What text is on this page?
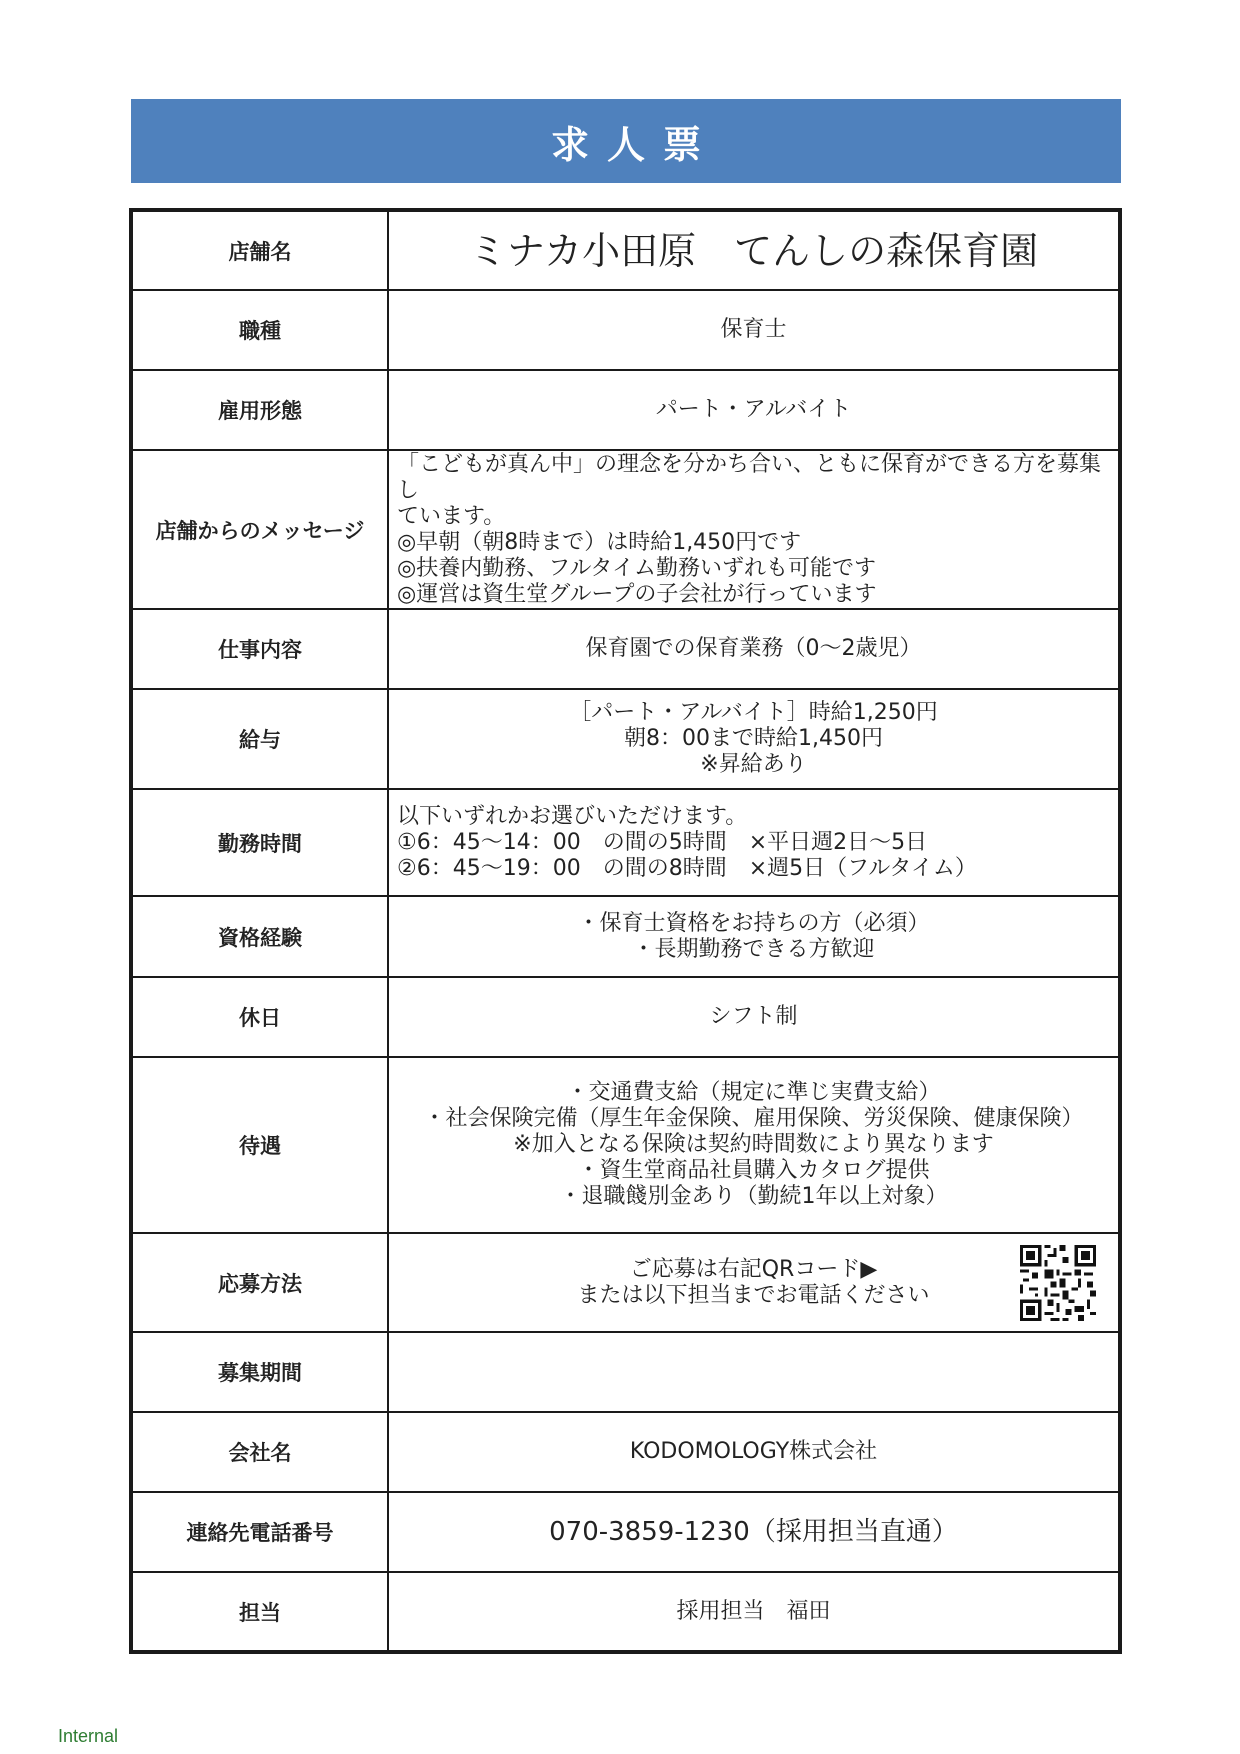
求人票
店舗名	ミナカ小田原　てんしの森保育園
職種	保育士
雇用形態	パート・アルバイト
店舗からのメッセージ	「こどもが真ん中」の理念を分かち合い、ともに保育ができる方を募集し
ています。
◎早朝（朝8時まで）は時給1,450円です
◎扶養内勤務、フルタイム勤務いずれも可能です
◎運営は資生堂グループの子会社が行っています

仕事内容	保育園での保育業務（0～2歳児）
給与	［パート・アルバイト］時給1,250円
朝8：00まで時給1,450円
※昇給あり

勤務時間	以下いずれかお選びいただけます。
①6：45～14：00　の間の5時間　×平日週2日～5日
②6：45～19：00　の間の8時間　×週5日（フルタイム）

資格経験	・保育士資格をお持ちの方（必須）
・長期勤務できる方歓迎

休日	シフト制
待遇	・交通費支給（規定に準じ実費支給）
・社会保険完備（厚生年金保険、雇用保険、労災保険、健康保険）
※加入となる保険は契約時間数により異なります
・資生堂商品社員購入カタログ提供
・退職餞別金あり（勤続1年以上対象）

応募方法	ご応募は右記QRコード▶
または以下担当までお電話ください

募集期間	
会社名	KODOMOLOGY株式会社
連絡先電話番号	070-3859-1230（採用担当直通）
担当	採用担当　福田
Internal
